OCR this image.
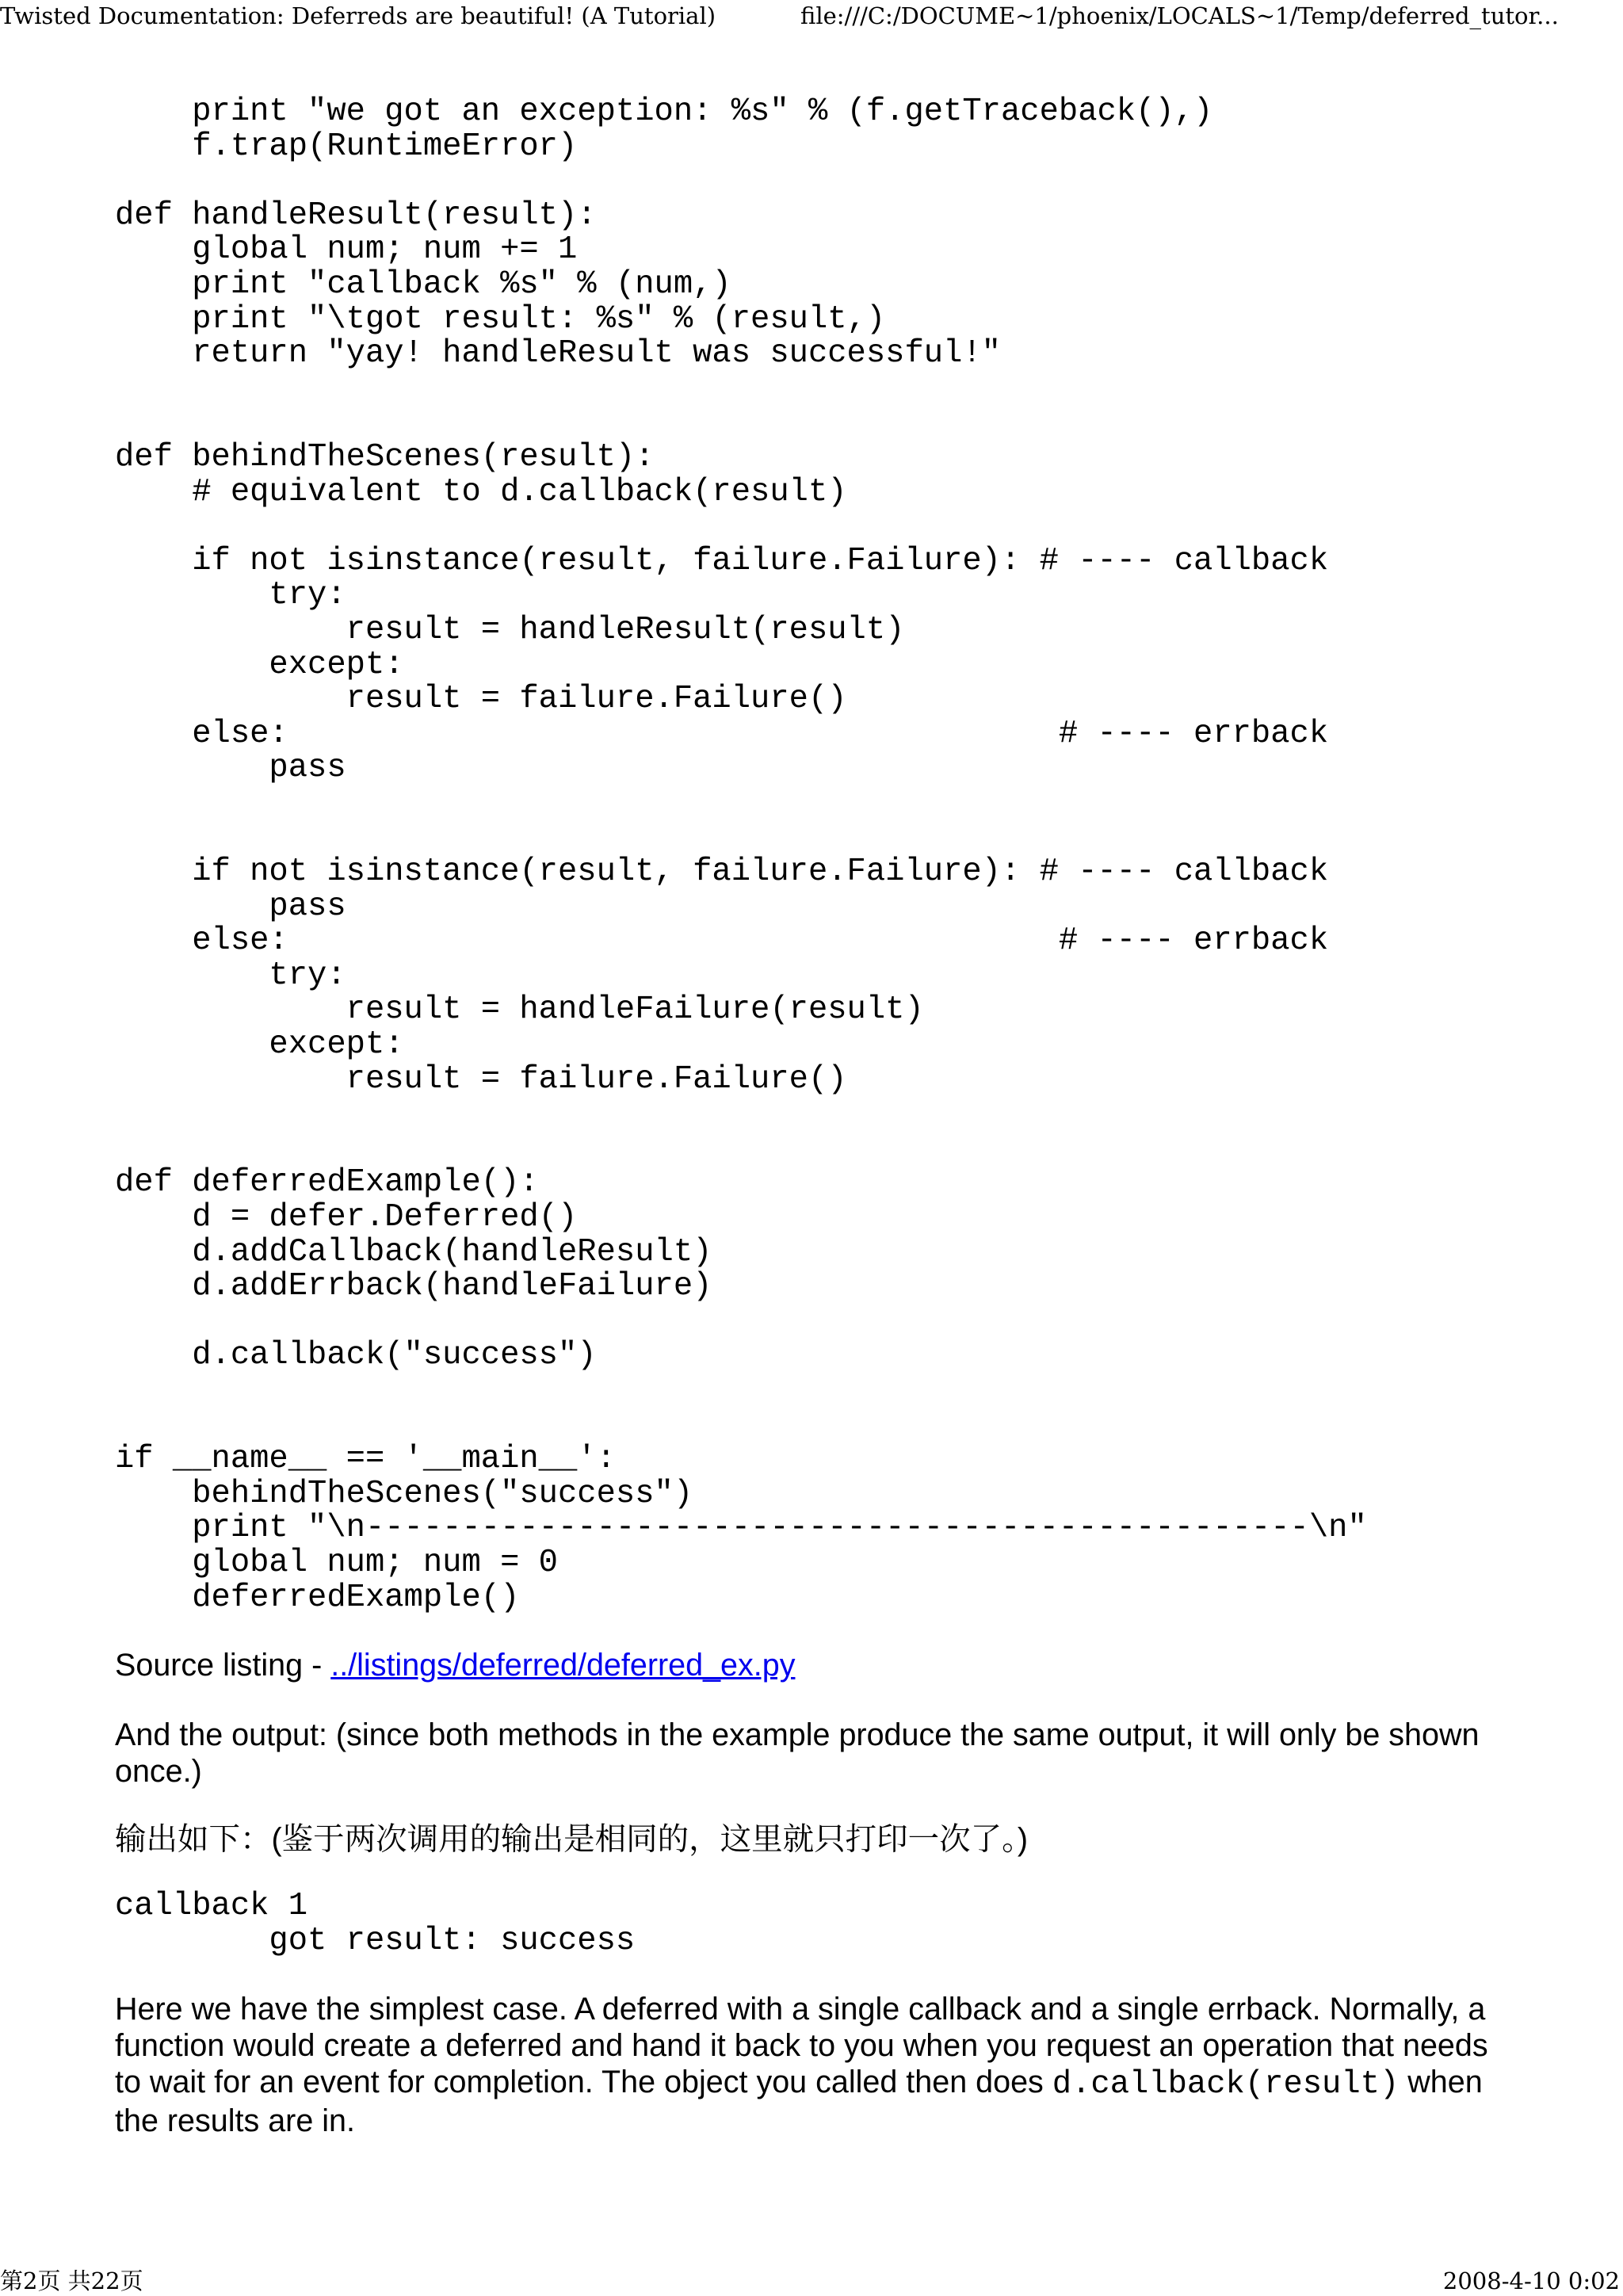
Twisted Documentation: Deferreds are beautiful! (A Tutorial)	file:///C:/DOCUME~1/phoenix/LOCALS~1/Temp/deferred_tutor...
print "we got an exception: %s" % (f.getTraceback(),)
f.trap(RuntimeError)

def handleResult(result):
global num; num += 1
print "callback %s" % (num,)
print "\tgot result: %s" % (result,)
return "yay! handleResult was successful!"

def behindTheScenes(result):
# equivalent to d.callback(result)

if not isinstance(result, failure.Failure): # ---- callback
try:
result = handleResult(result)
except:
result = failure.Failure()
else:                                        # ---- errback
pass

if not isinstance(result, failure.Failure): # ---- callback
pass
else:                                        # ---- errback
try:
result = handleFailure(result)
except:
result = failure.Failure()

def deferredExample():
d = defer.Deferred()
d.addCallback(handleResult)
d.addErrback(handleFailure)

d.callback("success")

if __name__ == '__main__':
behindTheScenes("success")
print "\n-------------------------------------------------\n"
global num; num = 0
deferredExample()

Source listing - ../listings/deferred/deferred_ex.py

And the output: (since both methods in the example produce the same output, it will only be shown once.)

输出如下：(鉴于两次调用的输出是相同的，这里就只打印一次了。)

callback 1
got result: success

Here we have the simplest case. A deferred with a single callback and a single errback. Normally, a function would create a deferred and hand it back to you when you request an operation that needs to wait for an event for completion. The object you called then does d.callback(result) when the results are in.

第2页 共22页	2008-4-10 0:02
